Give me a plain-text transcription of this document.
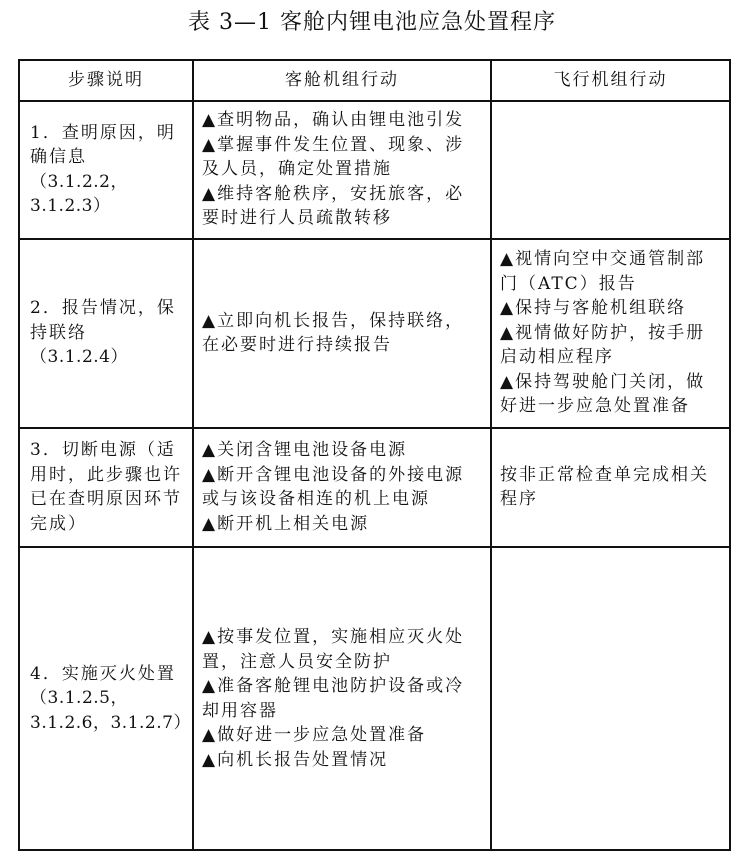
表 3—1 客舱内锂电池应急处置程序
步骤说明	客舱机组行动	飞行机组行动
1．查明原因，明确信息
（3.1.2.2，3.1.2.3）	▲查明物品，确认由锂电池引发
▲掌握事件发生位置、现象、涉及人员，确定处置措施
▲维持客舱秩序，安抚旅客，必要时进行人员疏散转移	

2．报告情况，保持联络
（3.1.2.4）	▲立即向机长报告，保持联络，在必要时进行持续报告	▲视情向空中交通管制部门（ATC）报告
▲保持与客舱机组联络
▲视情做好防护，按手册启动相应程序
▲保持驾驶舱门关闭，做好进一步应急处置准备

3．切断电源（适用时，此步骤也许已在查明原因环节完成）	▲关闭含锂电池设备电源
▲断开含锂电池设备的外接电源或与该设备相连的机上电源
▲断开机上相关电源	按非正常检查单完成相关程序

4．实施灭火处置
（3.1.2.5，3.1.2.6，3.1.2.7）	▲按事发位置，实施相应灭火处置，注意人员安全防护
▲准备客舱锂电池防护设备或冷却用容器
▲做好进一步应急处置准备
▲向机长报告处置情况	
